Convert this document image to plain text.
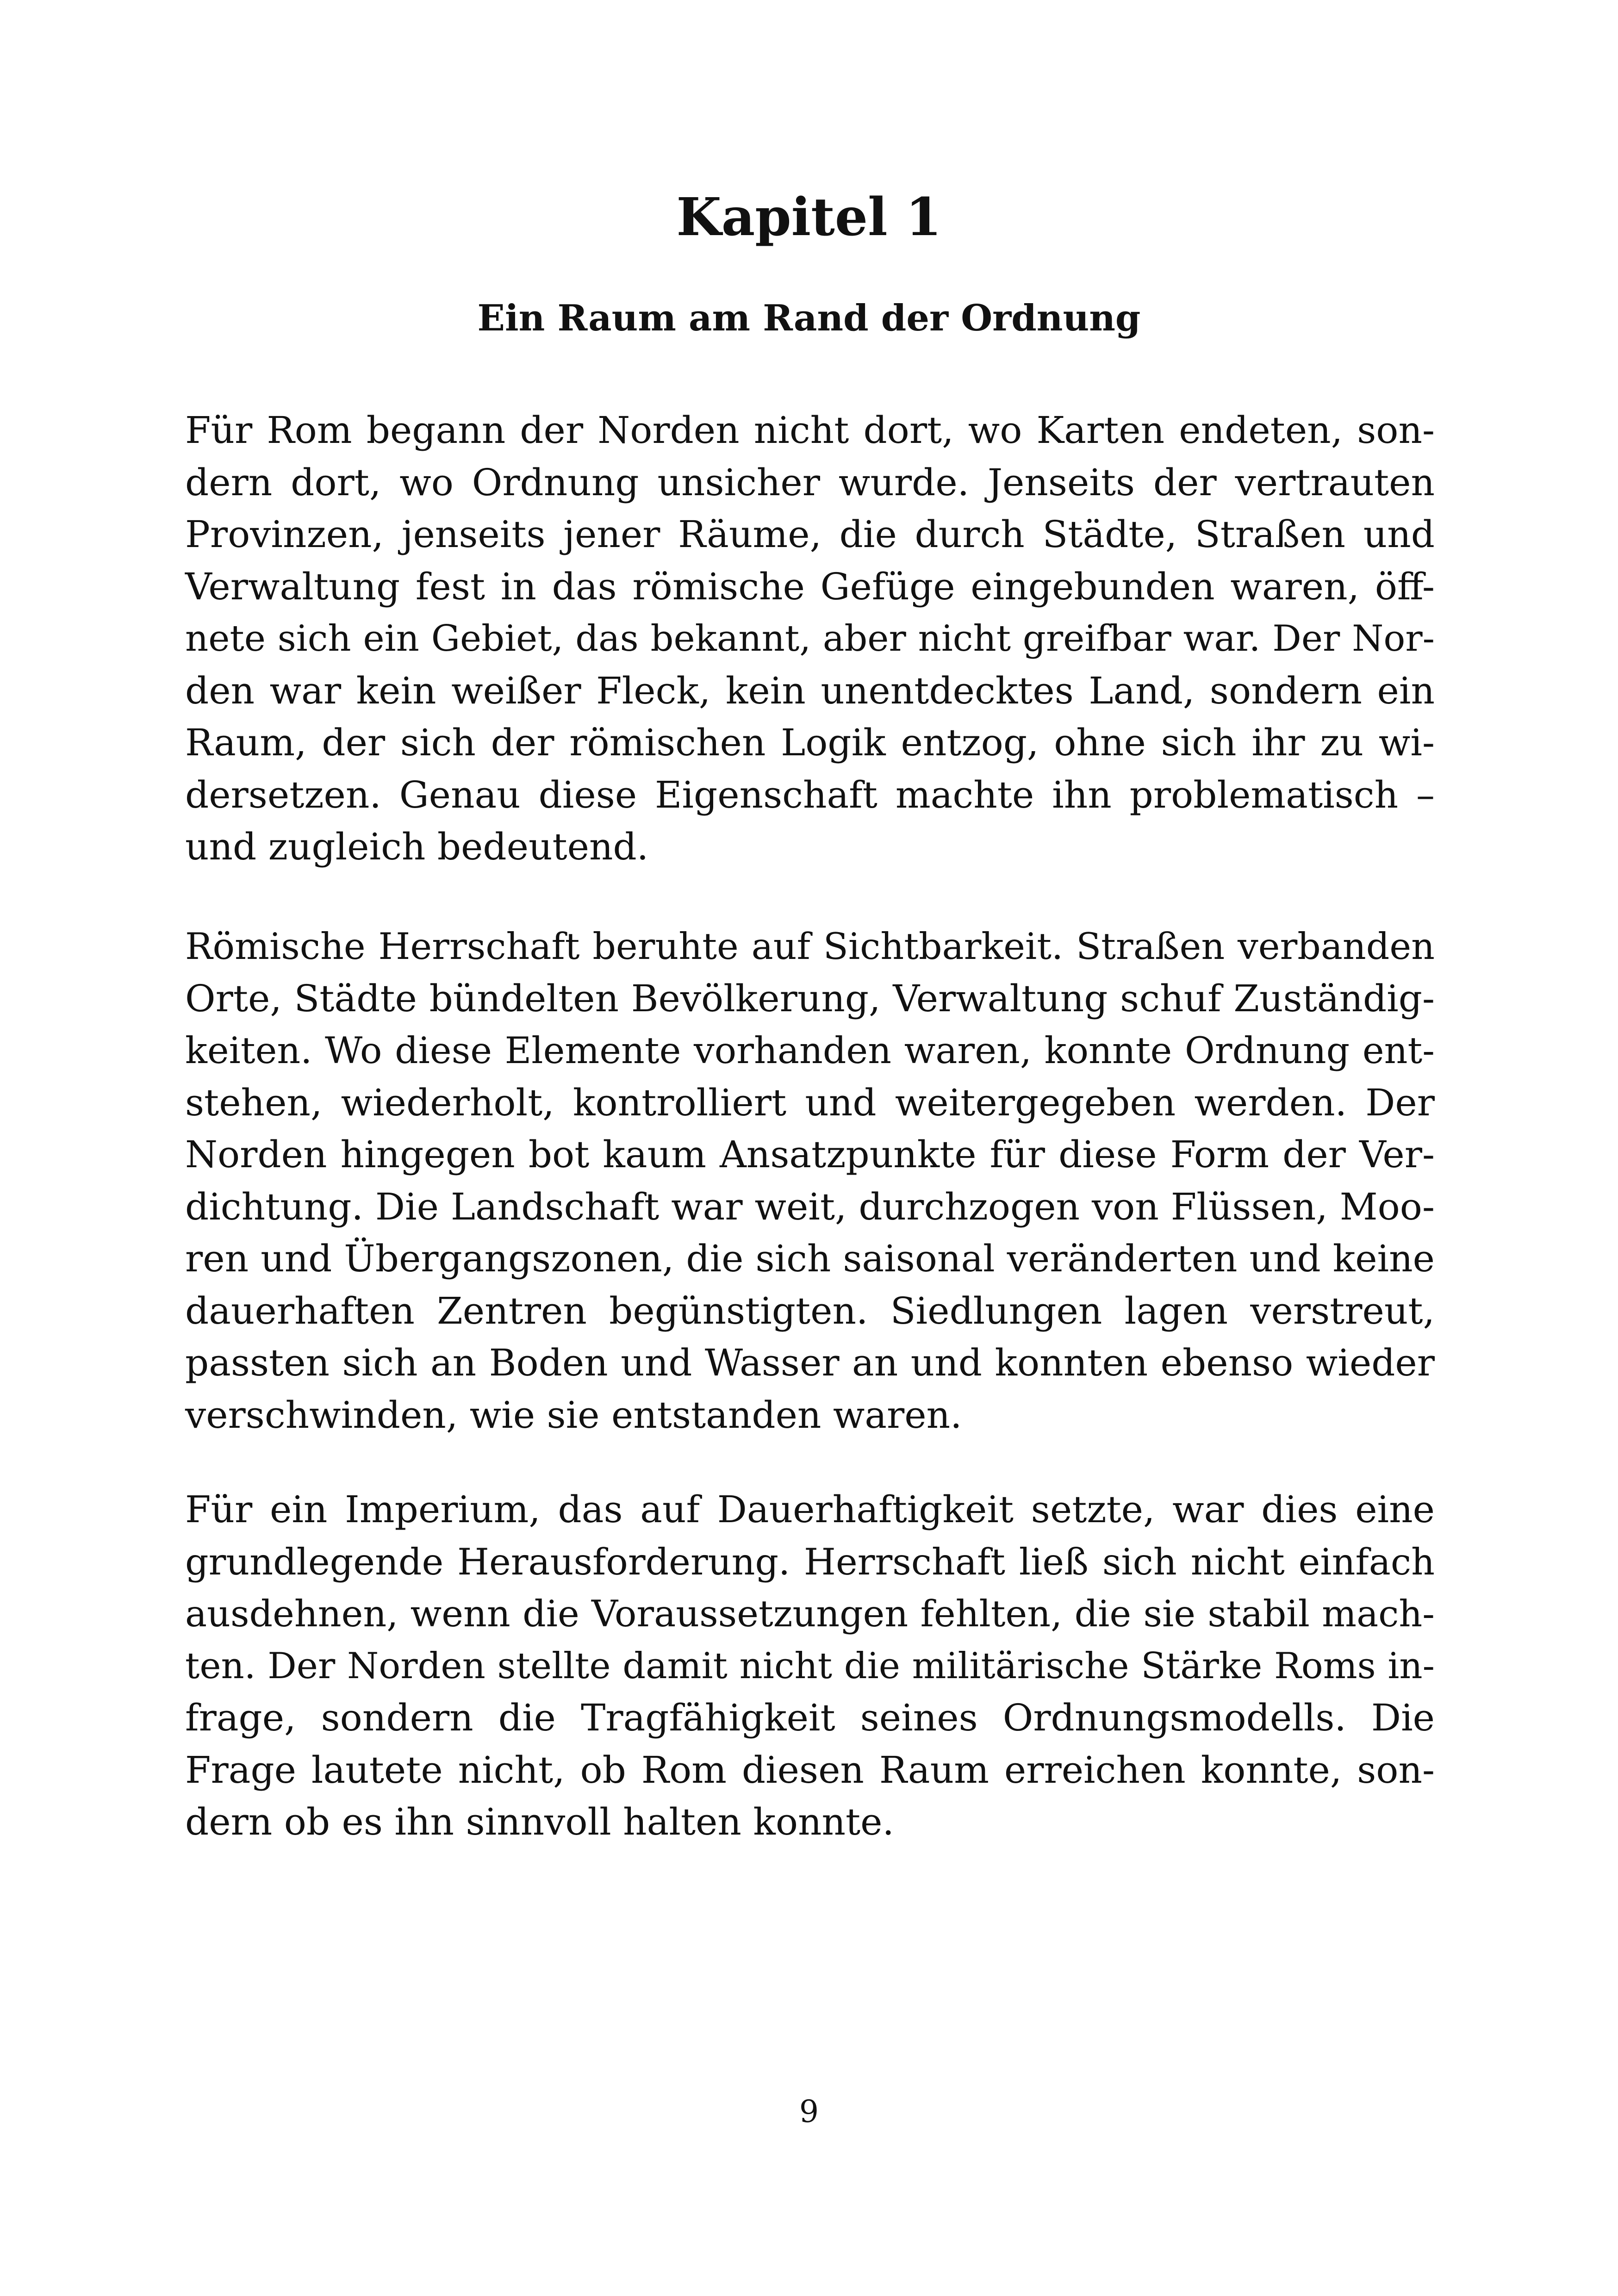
Kapitel 1
Ein Raum am Rand der Ordnung
Für Rom begann der Norden nicht dort, wo Karten endeten, son-
dern dort, wo Ordnung unsicher wurde. Jenseits der vertrauten
Provinzen, jenseits jener Räume, die durch Städte, Straßen und
Verwaltung fest in das römische Gefüge eingebunden waren, öff-
nete sich ein Gebiet, das bekannt, aber nicht greifbar war. Der Nor-
den war kein weißer Fleck, kein unentdecktes Land, sondern ein
Raum, der sich der römischen Logik entzog, ohne sich ihr zu wi-
dersetzen. Genau diese Eigenschaft machte ihn problematisch –
und zugleich bedeutend.
Römische Herrschaft beruhte auf Sichtbarkeit. Straßen verbanden
Orte, Städte bündelten Bevölkerung, Verwaltung schuf Zuständig-
keiten. Wo diese Elemente vorhanden waren, konnte Ordnung ent-
stehen, wiederholt, kontrolliert und weitergegeben werden. Der
Norden hingegen bot kaum Ansatzpunkte für diese Form der Ver-
dichtung. Die Landschaft war weit, durchzogen von Flüssen, Moo-
ren und Übergangszonen, die sich saisonal veränderten und keine
dauerhaften Zentren begünstigten. Siedlungen lagen verstreut,
passten sich an Boden und Wasser an und konnten ebenso wieder
verschwinden, wie sie entstanden waren.
Für ein Imperium, das auf Dauerhaftigkeit setzte, war dies eine
grundlegende Herausforderung. Herrschaft ließ sich nicht einfach
ausdehnen, wenn die Voraussetzungen fehlten, die sie stabil mach-
ten. Der Norden stellte damit nicht die militärische Stärke Roms in-
frage, sondern die Tragfähigkeit seines Ordnungsmodells. Die
Frage lautete nicht, ob Rom diesen Raum erreichen konnte, son-
dern ob es ihn sinnvoll halten konnte.
9
